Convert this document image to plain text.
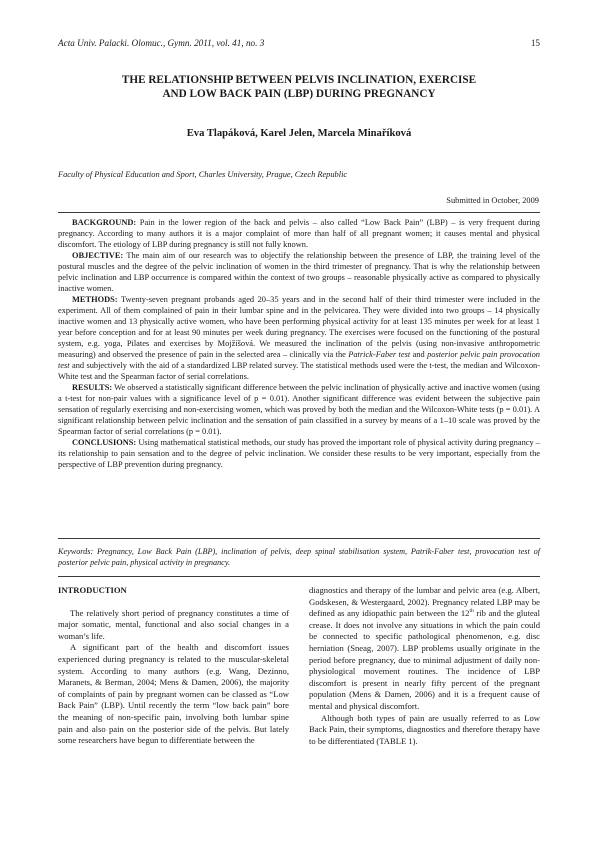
Acta Univ. Palacki. Olomuc., Gymn. 2011, vol. 41, no. 3	15
THE RELATIONSHIP BETWEEN PELVIS INCLINATION, EXERCISE
AND LOW BACK PAIN (LBP) DURING PREGNANCY
Eva Tlapáková, Karel Jelen, Marcela Minaříková
Faculty of Physical Education and Sport, Charles University, Prague, Czech Republic
Submitted in October, 2009

BACKGROUND: Pain in the lower region of the back and pelvis – also called “Low Back Pain” (LBP) – is very frequent during pregnancy. According to many authors it is a major complaint of more than half of all pregnant women; it causes mental and physical discomfort. The etiology of LBP during pregnancy is still not fully known.

OBJECTIVE: The main aim of our research was to objectify the relationship between the presence of LBP, the training level of the postural muscles and the degree of the pelvic inclination of women in the third trimester of pregnancy. That is why the relationship between pelvic inclination and LBP occurrence is compared within the context of two groups – reasonable physically active as compared to physically inactive women.

METHODS: Twenty-seven pregnant probands aged 20–35 years and in the second half of their third trimester were included in the experiment. All of them complained of pain in their lumbar spine and in the pelvicarea. They were divided into two groups – 14 physically inactive women and 13 physically active women, who have been performing physical activity for at least 135 minutes per week for at least 1 year before conception and for at least 90 minutes per week during pregnancy. The exercises were focused on the functioning of the postural system, e.g. yoga, Pilates and exercises by Mojžíšová. We measured the inclination of the pelvis (using non-invasive anthropometric measuring) and observed the presence of pain in the selected area – clinically via the Patrick-Faber test and posterior pelvic pain provocation test and subjectively with the aid of a standardized LBP related survey. The statistical methods used were the t-test, the median and Wilcoxon-White test and the Spearman factor of serial correlations.

RESULTS: We observed a statistically significant difference between the pelvic inclination of physically active and inactive women (using a t-test for non-pair values with a significance level of p = 0.01). Another significant difference was evident between the subjective pain sensation of regularly exercising and non-exercising women, which was proved by both the median and the Wilcoxon-White tests (p = 0.01). A significant relationship between pelvic inclination and the sensation of pain classified in a survey by means of a 1–10 scale was proved by the Spearman factor of serial correlations (p = 0.01).

CONCLUSIONS: Using mathematical statistical methods, our study has proved the important role of physical activity during pregnancy – its relationship to pain sensation and to the degree of pelvic inclination. We consider these results to be very important, especially from the perspective of LBP prevention during pregnancy.

Keywords: Pregnancy, Low Back Pain (LBP), inclination of pelvis, deep spinal stabilisation system, Patrik-Faber test, provocation test of posterior pelvic pain, physical activity in pregnancy.
INTRODUCTION

The relatively short period of pregnancy constitutes a time of major somatic, mental, functional and also social changes in a woman’s life.

A significant part of the health and discomfort issues experienced during pregnancy is related to the muscular-skeletal system. According to many authors (e.g. Wang, Dezinno, Maranets, & Berman, 2004; Mens & Damen, 2006), the majority of complaints of pain by pregnant women can be classed as “Low Back Pain” (LBP). Until recently the term “low back pain” bore the meaning of non-specific pain, involving both lumbar spine pain and also pain on the posterior side of the pelvis. But lately some researchers have begun to differentiate between the

diagnostics and therapy of the lumbar and pelvic area (e.g. Albert, Godskesen, & Westergaard, 2002). Pregnancy related LBP may be defined as any idiopathic pain between the 12th rib and the gluteal crease. It does not involve any situations in which the pain could be connected to specific pathological phenomenon, e.g. disc herniation (Sneag, 2007). LBP problems usually originate in the period before pregnancy, due to minimal adjustment of daily non-physiological movement routines. The incidence of LBP discomfort is present in nearly fifty percent of the pregnant population (Mens & Damen, 2006) and it is a frequent cause of mental and physical discomfort.

Although both types of pain are usually referred to as Low Back Pain, their symptoms, diagnostics and therefore therapy have to be differentiated (TABLE 1).
